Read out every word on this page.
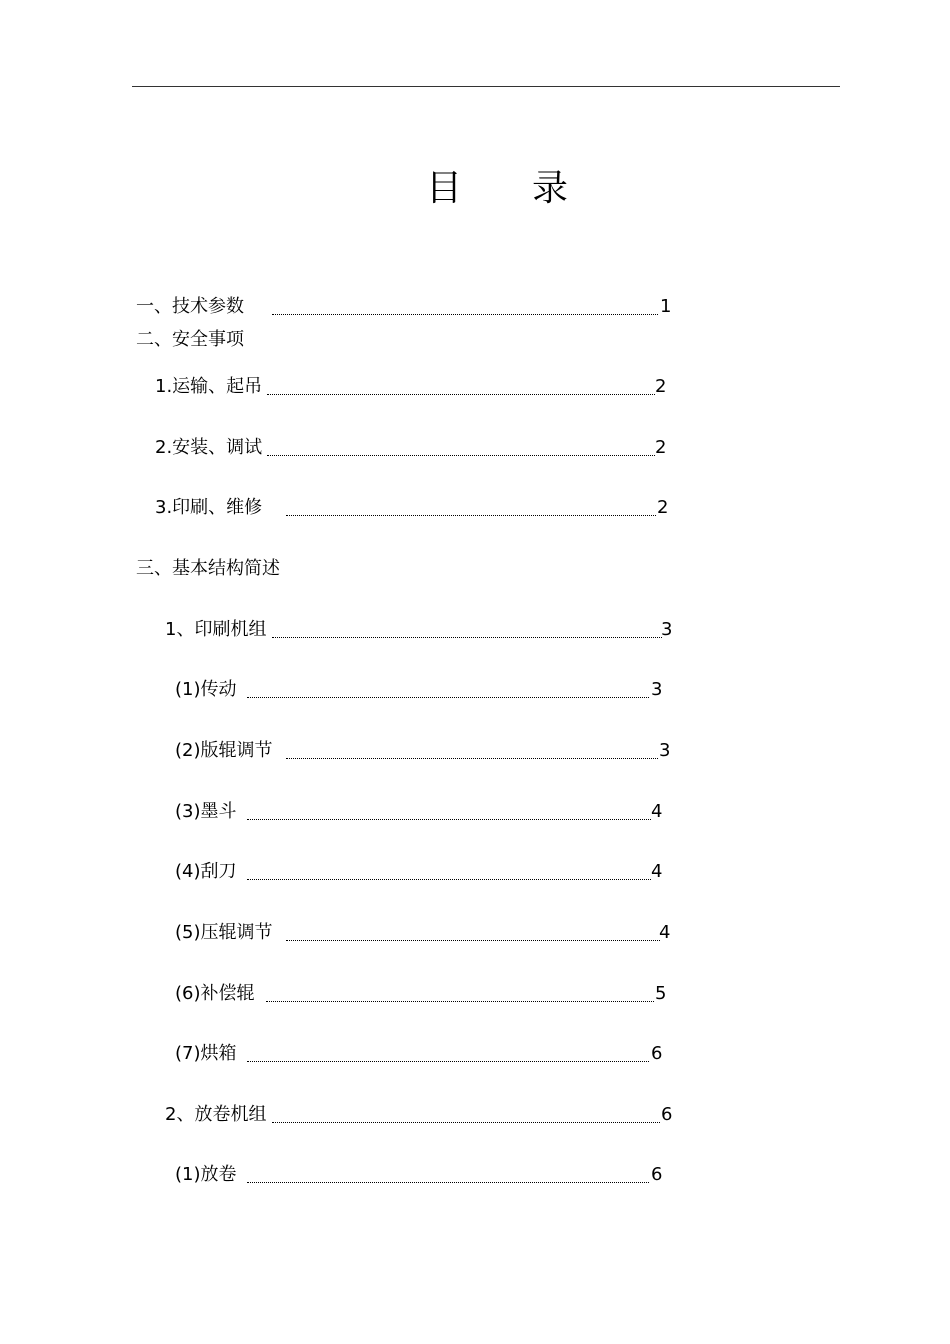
目 录
一、技术参数	1
二、安全事项
1.运输、起吊	2
2.安装、调试	2
3.印刷、维修	2
三、基本结构简述
1、印刷机组	3
(1)传动	3
(2)版辊调节	3
(3)墨斗	4
(4)刮刀	4
(5)压辊调节	4
(6)补偿辊	5
(7)烘箱	6
2、放卷机组	6
(1)放卷	6
